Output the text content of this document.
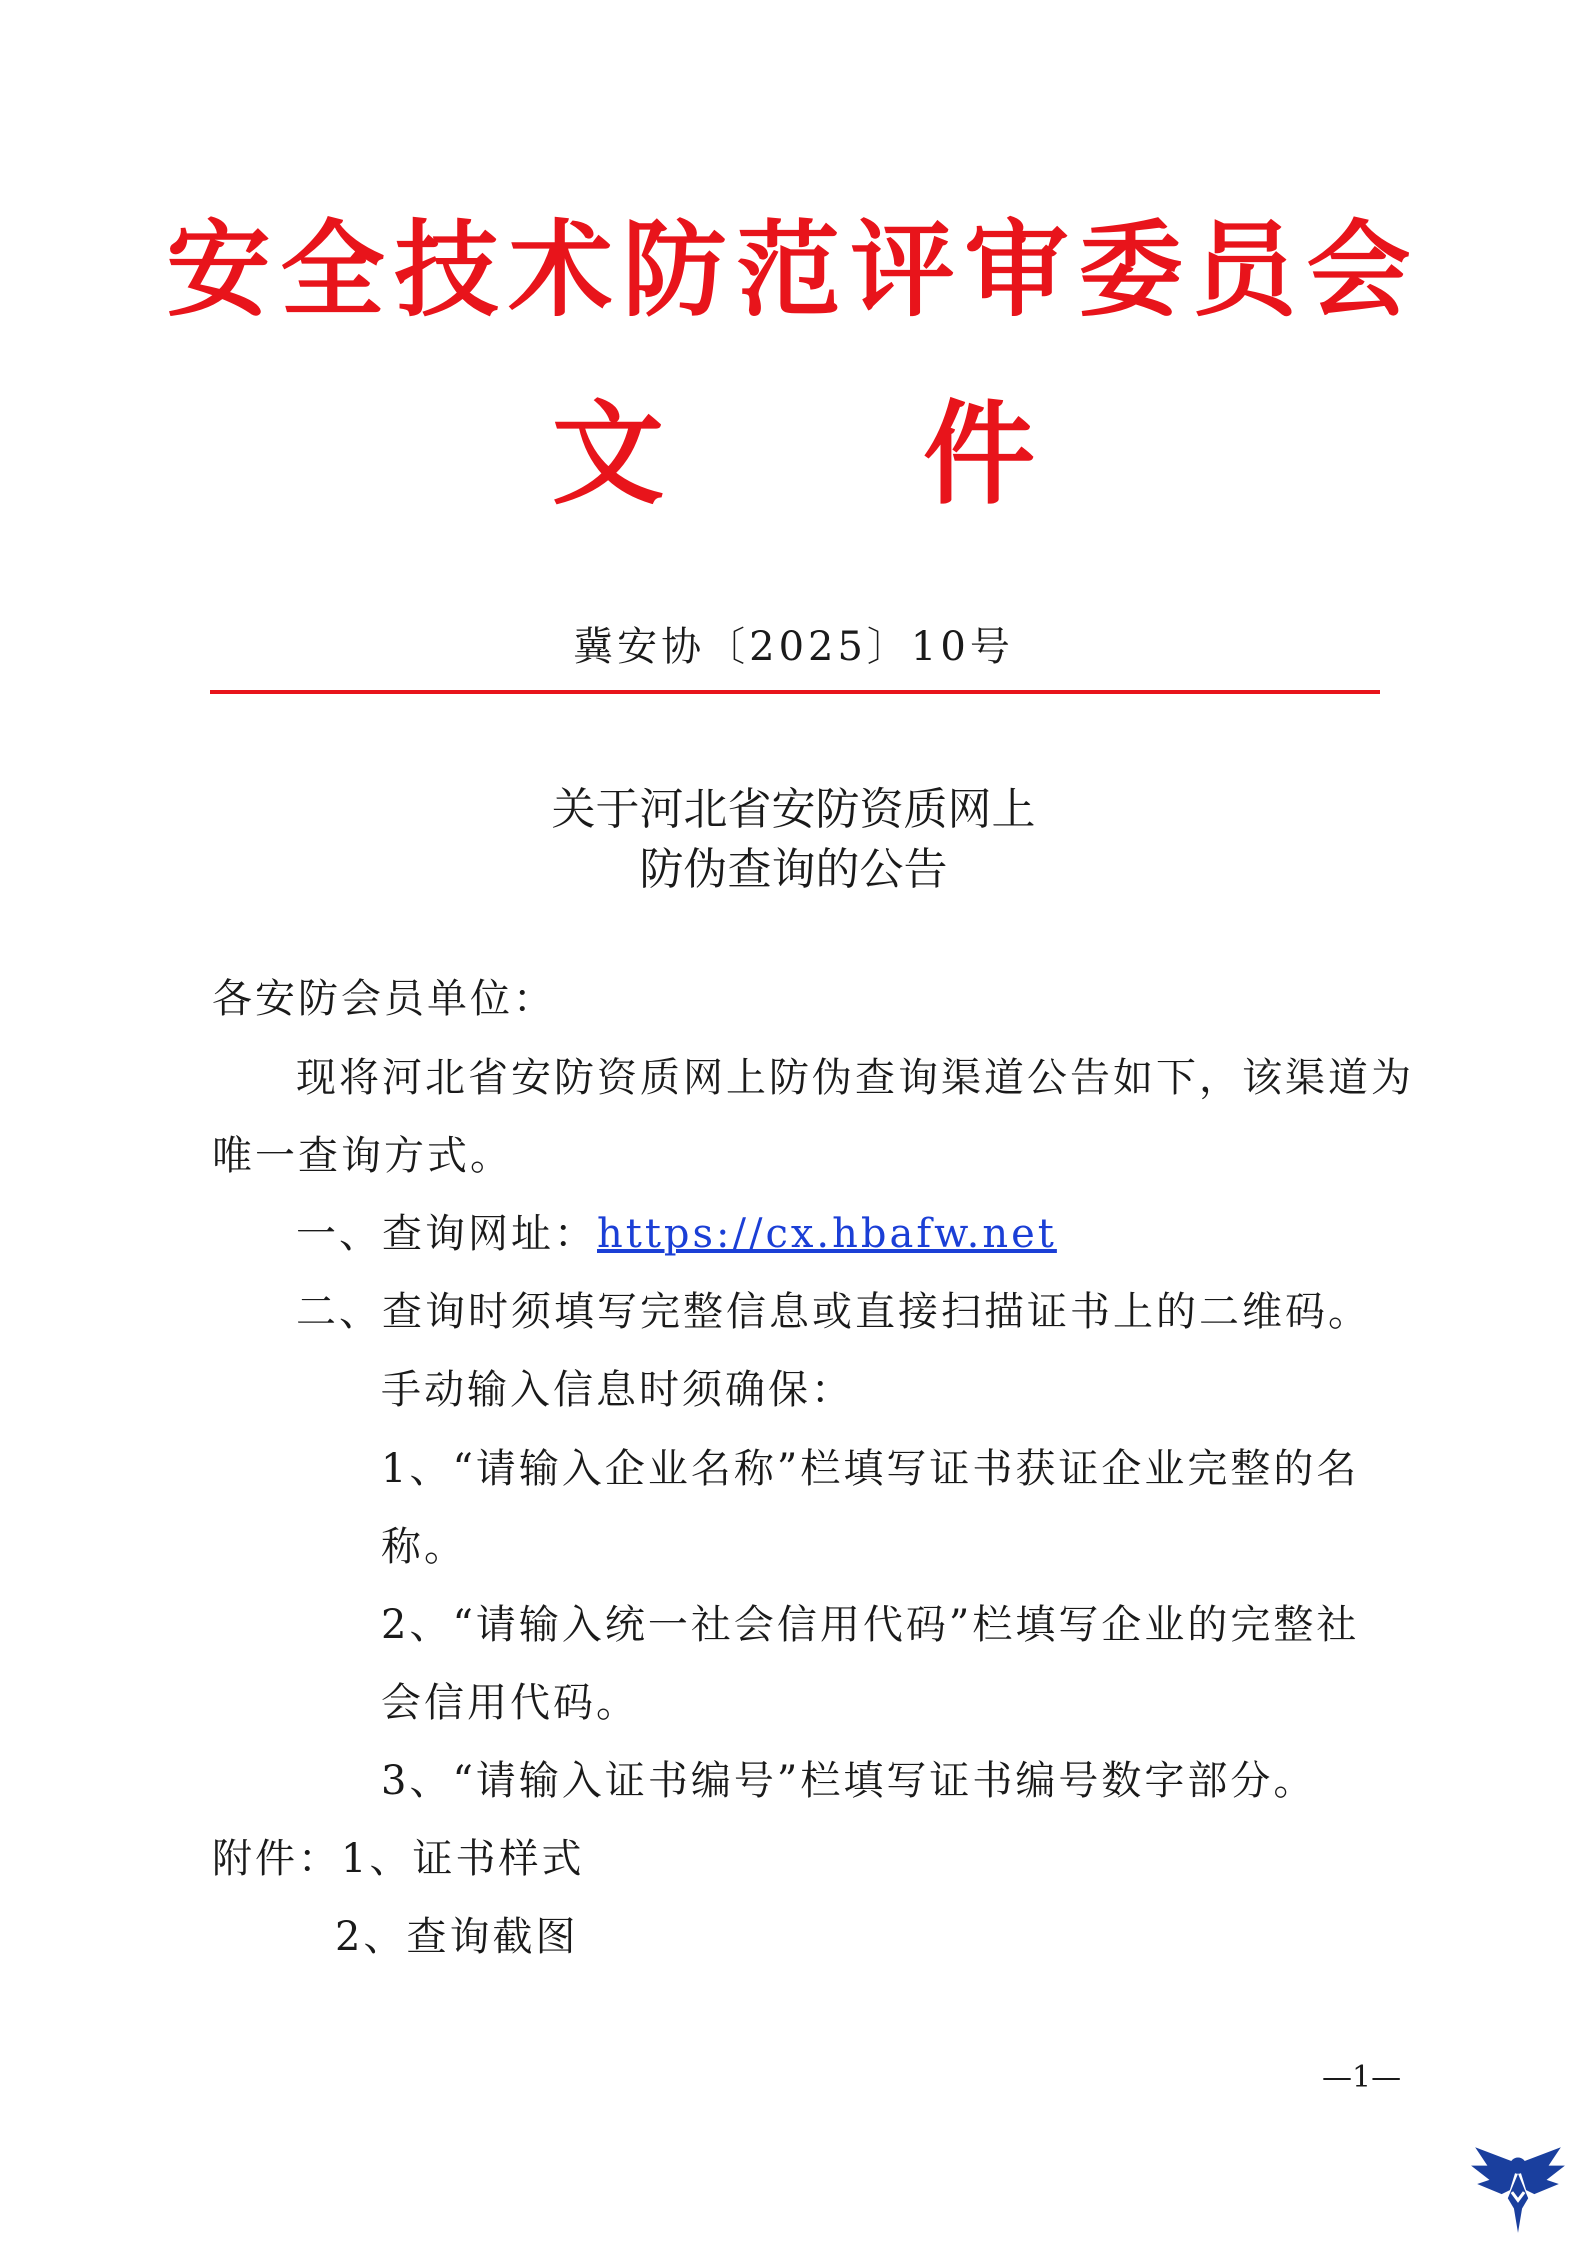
安全技术防范评审委员会
文 件
冀安协〔2025〕10号
关于河北省安防资质网上
防伪查询的公告
各安防会员单位：
现将河北省安防资质网上防伪查询渠道公告如下，该渠道为
唯一查询方式。
一、查询网址：https://cx.hbafw.net
二、查询时须填写完整信息或直接扫描证书上的二维码。
手动输入信息时须确保：
1、“请输入企业名称”栏填写证书获证企业完整的名
称。
2、“请输入统一社会信用代码”栏填写企业的完整社
会信用代码。
3、“请输入证书编号”栏填写证书编号数字部分。
附件：1、证书样式
2、查询截图
—1—
